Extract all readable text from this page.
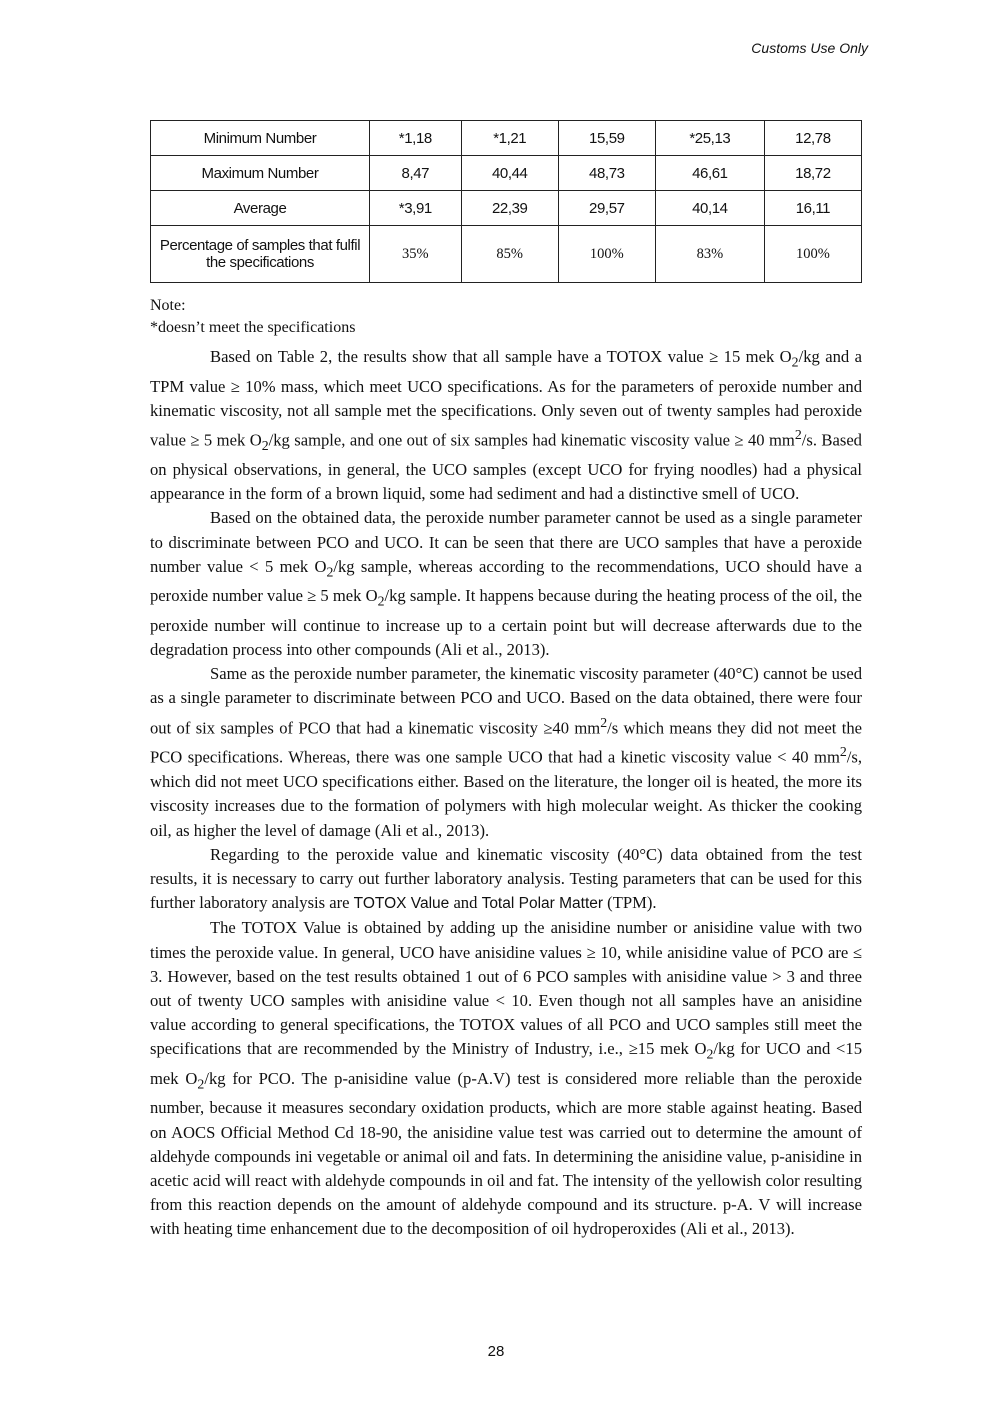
Customs Use Only
Minimum Number	*1,18	*1,21	15,59	*25,13	12,78
Maximum Number	8,47	40,44	48,73	46,61	18,72
Average	*3,91	22,39	29,57	40,14	16,11
Percentage of samples that fulfil the specifications	35%	85%	100%	83%	100%
Note:
*doesn’t meet the specifications

Based on Table 2, the results show that all sample have a TOTOX value ≥ 15 mek $O_2/kg$ and a TPM value ≥ 10% mass, which meet UCO specifications. As for the parameters of peroxide number and kinematic viscosity, not all sample met the specifications. Only seven out of twenty samples had peroxide value ≥ 5 mek $O_2/kg$ sample, and one out of six samples had kinematic viscosity value ≥ 40 $mm^2/s$. Based on physical observations, in general, the UCO samples (except UCO for frying noodles) had a physical appearance in the form of a brown liquid, some had sediment and had a distinctive smell of UCO.

Based on the obtained data, the peroxide number parameter cannot be used as a single parameter to discriminate between PCO and UCO. It can be seen that there are UCO samples that have a peroxide number value < 5 mek $O_2/kg$ sample, whereas according to the recommendations, UCO should have a peroxide number value ≥ 5 mek $O_2/kg$ sample. It happens because during the heating process of the oil, the peroxide number will continue to increase up to a certain point but will decrease afterwards due to the degradation process into other compounds (Ali et al., 2013).

Same as the peroxide number parameter, the kinematic viscosity parameter (40°C) cannot be used as a single parameter to discriminate between PCO and UCO. Based on the data obtained, there were four out of six samples of PCO that had a kinematic viscosity ≥40 $mm^2/s$ which means they did not meet the PCO specifications. Whereas, there was one sample UCO that had a kinetic viscosity value < 40 $mm^2/s$, which did not meet UCO specifications either. Based on the literature, the longer oil is heated, the more its viscosity increases due to the formation of polymers with high molecular weight. As thicker the cooking oil, as higher the level of damage (Ali et al., 2013).

Regarding to the peroxide value and kinematic viscosity (40°C) data obtained from the test results, it is necessary to carry out further laboratory analysis. Testing parameters that can be used for this further laboratory analysis are TOTOX Value and Total Polar Matter (TPM).

The TOTOX Value is obtained by adding up the anisidine number or anisidine value with two times the peroxide value. In general, UCO have anisidine values ≥ 10, while anisidine value of PCO are ≤ 3. However, based on the test results obtained 1 out of 6 PCO samples with anisidine value > 3 and three out of twenty UCO samples with anisidine value < 10. Even though not all samples have an anisidine value according to general specifications, the TOTOX values of all PCO and UCO samples still meet the specifications that are recommended by the Ministry of Industry, i.e., ≥15 mek $O_2/kg$ for UCO and <15 mek $O_2/kg$ for PCO. The p-anisidine value (p-A.V) test is considered more reliable than the peroxide number, because it measures secondary oxidation products, which are more stable against heating. Based on AOCS Official Method Cd 18-90, the anisidine value test was carried out to determine the amount of aldehyde compounds ini vegetable or animal oil and fats. In determining the anisidine value, p-anisidine in acetic acid will react with aldehyde compounds in oil and fat. The intensity of the yellowish color resulting from this reaction depends on the amount of aldehyde compound and its structure. p-A. V will increase with heating time enhancement due to the decomposition of oil hydroperoxides (Ali et al., 2013).

28
